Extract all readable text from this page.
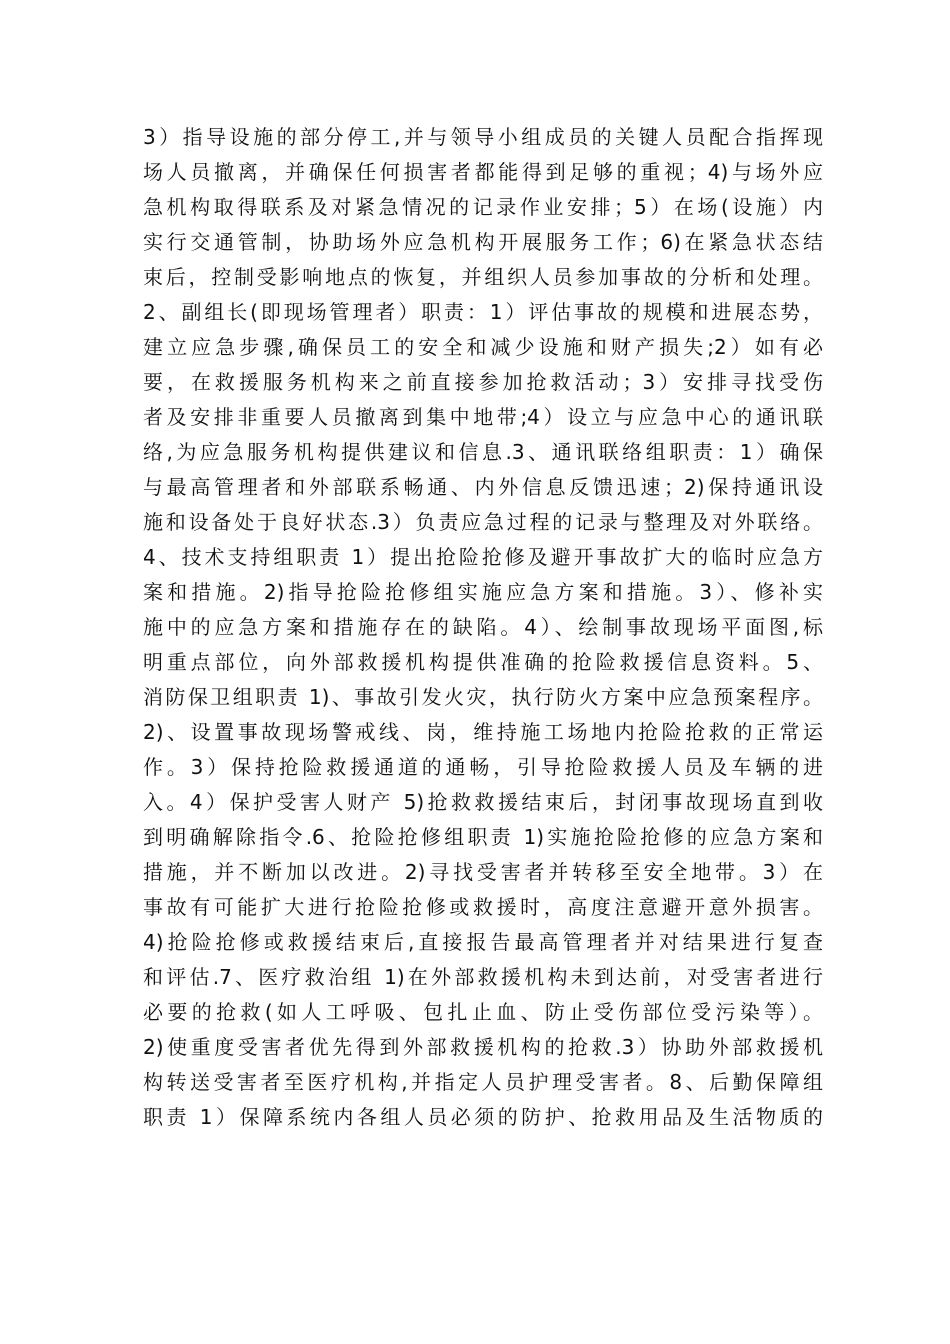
3）指导设施的部分停工,并与领导小组成员的关键人员配合指挥现
场人员撤离，并确保任何损害者都能得到足够的重视；4)与场外应
急机构取得联系及对紧急情况的记录作业安排；5）在场(设施）内
实行交通管制，协助场外应急机构开展服务工作；6)在紧急状态结
束后，控制受影响地点的恢复，并组织人员参加事故的分析和处理。
2、副组长(即现场管理者）职责：1）评估事故的规模和进展态势，
建立应急步骤,确保员工的安全和减少设施和财产损失;2）如有必
要，在救援服务机构来之前直接参加抢救活动；3）安排寻找受伤
者及安排非重要人员撤离到集中地带;4）设立与应急中心的通讯联
络,为应急服务机构提供建议和信息.3、通讯联络组职责：1）确保
与最高管理者和外部联系畅通、内外信息反馈迅速；2)保持通讯设
施和设备处于良好状态.3）负责应急过程的记录与整理及对外联络。
4、技术支持组职责 1）提出抢险抢修及避开事故扩大的临时应急方
案和措施。2)指导抢险抢修组实施应急方案和措施。3）、修补实
施中的应急方案和措施存在的缺陷。4）、绘制事故现场平面图,标
明重点部位，向外部救援机构提供准确的抢险救援信息资料。5、
消防保卫组职责 1)、事故引发火灾，执行防火方案中应急预案程序。
2)、设置事故现场警戒线、岗，维持施工场地内抢险抢救的正常运
作。3）保持抢险救援通道的通畅，引导抢险救援人员及车辆的进
入。4）保护受害人财产 5)抢救救援结束后，封闭事故现场直到收
到明确解除指令.6、抢险抢修组职责 1)实施抢险抢修的应急方案和
措施，并不断加以改进。2)寻找受害者并转移至安全地带。3）在
事故有可能扩大进行抢险抢修或救援时，高度注意避开意外损害。
4)抢险抢修或救援结束后,直接报告最高管理者并对结果进行复查
和评估.7、医疗救治组 1)在外部救援机构未到达前，对受害者进行
必要的抢救(如人工呼吸、包扎止血、防止受伤部位受污染等）。
2)使重度受害者优先得到外部救援机构的抢救.3）协助外部救援机
构转送受害者至医疗机构,并指定人员护理受害者。8、后勤保障组
职责 1）保障系统内各组人员必须的防护、抢救用品及生活物质的
